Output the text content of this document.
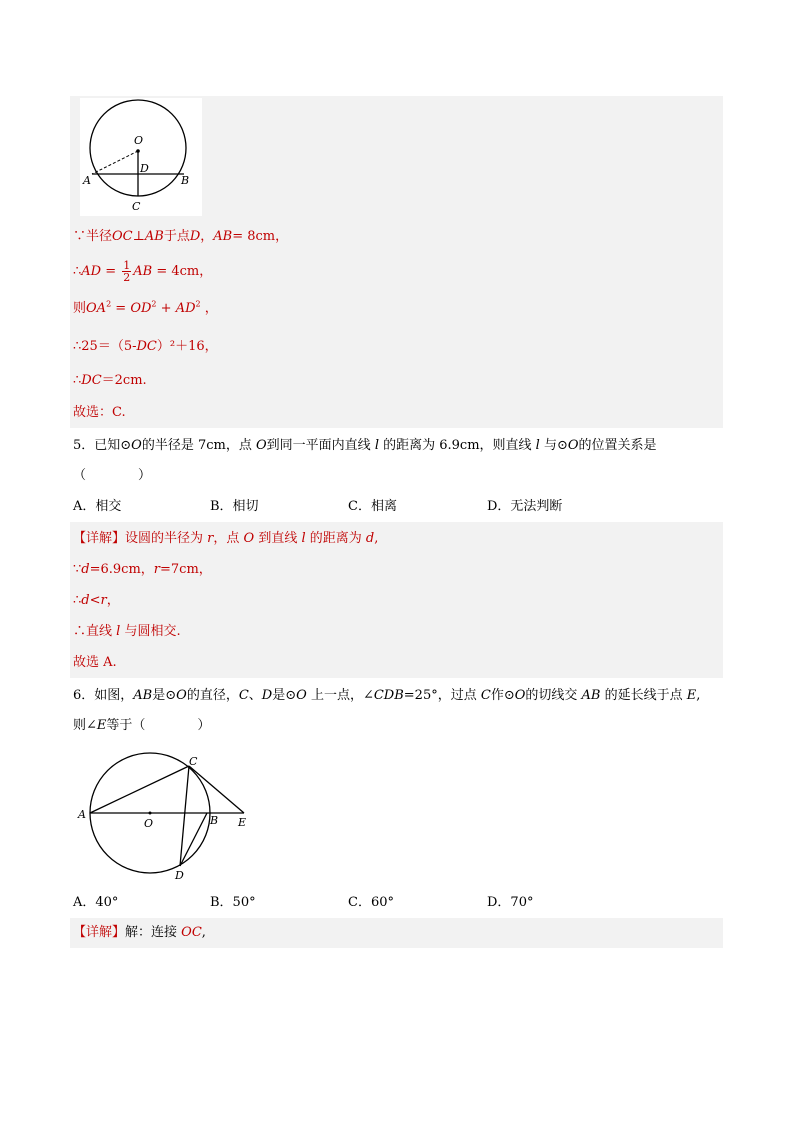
O
D
A	B
C
∵半径OC⊥AB于点D，AB= 8cm，
∴AD = $\frac{1}{2}$ AB = 4cm，
则$OA^2 = OD^2 + AD^2$ ，
∴25＝（5-DC）²＋16，
∴DC＝2cm.
故选：C.
5．已知⊙O的半径是 7cm，点 O到同一平面内直线 l 的距离为 6.9cm，则直线 l 与⊙O的位置关系是
（　　　　）
A．相交	B．相切	C．相离	D．无法判断
【详解】设圆的半径为 r，点 O 到直线 l 的距离为 d,
∵d=6.9cm，r=7cm，
∴d<r，
∴直线 l 与圆相交.
故选 A.
6．如图，AB是⊙O的直径，C、D是⊙O 上一点，∠CDB=25°，过点 C作⊙O的切线交 AB 的延长线于点 E,
则∠E等于（　　　　）
A
O	B E
C
D
A．40°	B．50°	C．60°	D．70°
【详解】解：连接 OC,
